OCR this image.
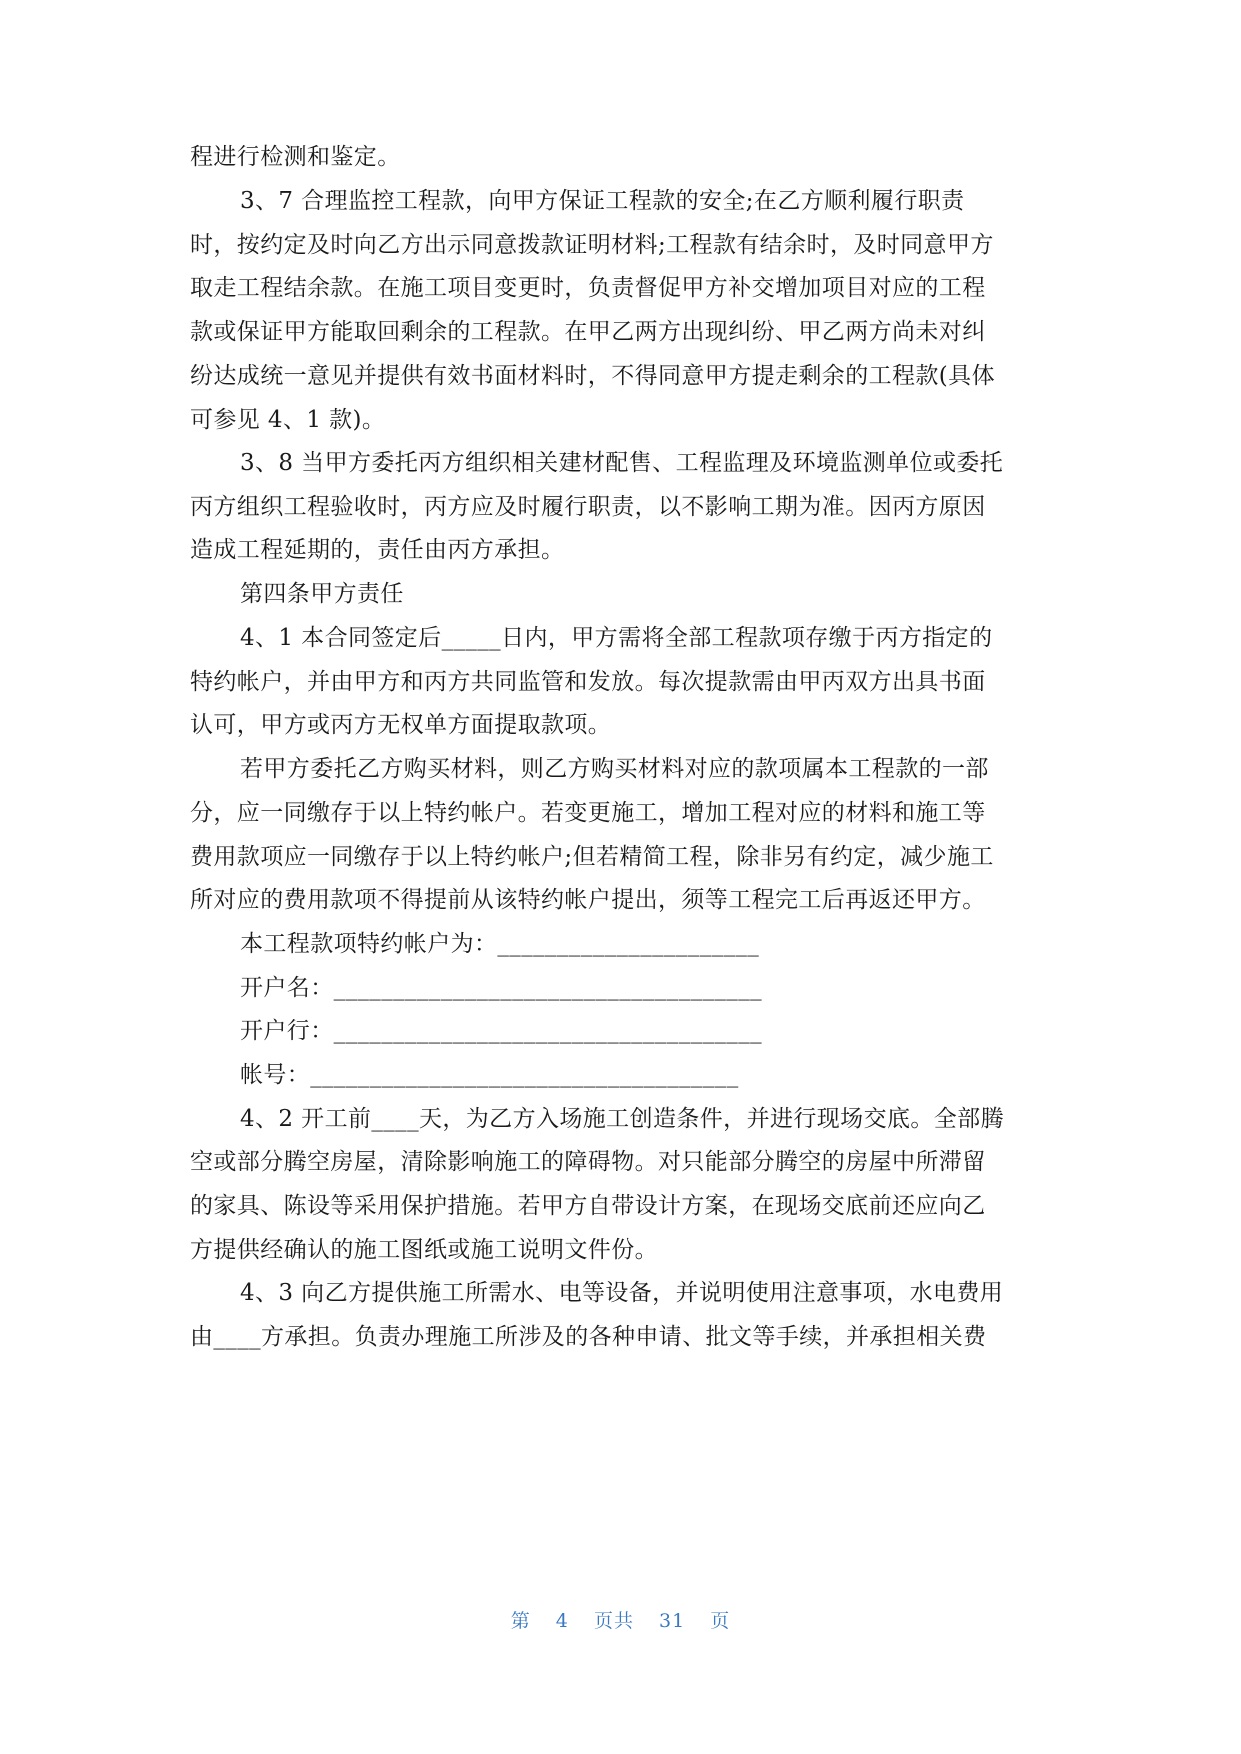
程进行检测和鉴定。
3、7 合理监控工程款，向甲方保证工程款的安全;在乙方顺利履行职责
时，按约定及时向乙方出示同意拨款证明材料;工程款有结余时，及时同意甲方
取走工程结余款。在施工项目变更时，负责督促甲方补交增加项目对应的工程
款或保证甲方能取回剩余的工程款。在甲乙两方出现纠纷、甲乙两方尚未对纠
纷达成统一意见并提供有效书面材料时，不得同意甲方提走剩余的工程款(具体
可参见 4、1 款)。
3、8 当甲方委托丙方组织相关建材配售、工程监理及环境监测单位或委托
丙方组织工程验收时，丙方应及时履行职责，以不影响工期为准。因丙方原因
造成工程延期的，责任由丙方承担。
第四条甲方责任
4、1 本合同签定后_____日内，甲方需将全部工程款项存缴于丙方指定的
特约帐户，并由甲方和丙方共同监管和发放。每次提款需由甲丙双方出具书面
认可，甲方或丙方无权单方面提取款项。
若甲方委托乙方购买材料，则乙方购买材料对应的款项属本工程款的一部
分，应一同缴存于以上特约帐户。若变更施工，增加工程对应的材料和施工等
费用款项应一同缴存于以上特约帐户;但若精简工程，除非另有约定，减少施工
所对应的费用款项不得提前从该特约帐户提出，须等工程完工后再返还甲方。
本工程款项特约帐户为：______________________
开户名：____________________________________
开户行：____________________________________
帐号：____________________________________
4、2 开工前____天，为乙方入场施工创造条件，并进行现场交底。全部腾
空或部分腾空房屋，清除影响施工的障碍物。对只能部分腾空的房屋中所滞留
的家具、陈设等采用保护措施。若甲方自带设计方案，在现场交底前还应向乙
方提供经确认的施工图纸或施工说明文件份。
4、3 向乙方提供施工所需水、电等设备，并说明使用注意事项，水电费用
由____方承担。负责办理施工所涉及的各种申请、批文等手续，并承担相关费
第 4 页共 31 页
